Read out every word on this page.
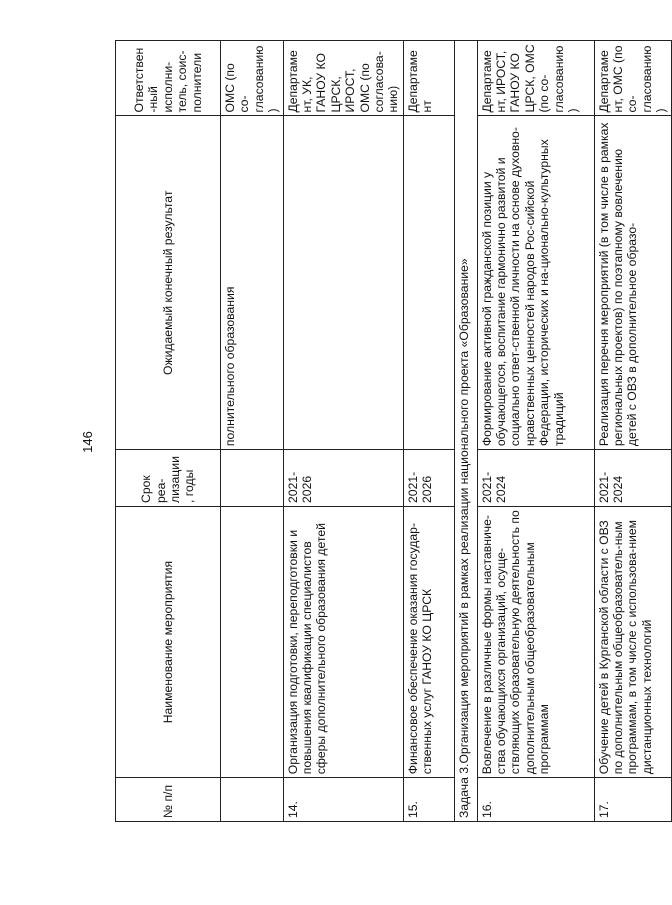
146
№ п/п	Наименование мероприятия	Срок реа-лизации, годы	Ожидаемый конечный результат	Ответствен-ный исполни-тель, соис-полнители
			полнительного образования	ОМС (по со-гласованию)
14.	Организация подготовки, переподготовки и повышения квалификации специалистов сферы дополнительного образования детей	2021-2026		Департамент, УК, ГАНОУ КО ЦРСК, ИРОСТ, ОМС (по согласова-нию)
15.	Финансовое обеспечение оказания государ-ственных услуг ГАНОУ КО ЦРСК	2021-2026		Департамент
Задача 3.Организация мероприятий в рамках реализации национального проекта «Образование»				
16.	Вовлечение в различные формы наставниче-ства обучающихся организаций, осуще-ствляющих образовательную деятельность по дополнительным общеобразовательным программам	2021-2024	Формирование активной гражданской позиции у обучающегося, воспитание гармонично развитой и социально ответ-ственной личности на основе духовно-нравственных ценностей народов Рос-сийской Федерации, исторических и на-ционально-культурных традиций	Департамент, ИРОСТ, ГАНОУ КО ЦРСК, ОМС (по со-гласованию)
17.	Обучение детей в Курганской области с ОВЗ по дополнительным общеобразователь-ным программам, в том числе с использова-нием дистанционных технологий	2021-2024	Реализация перечня мероприятий (в том числе в рамках региональных проектов) по поэтапному вовлечению детей с ОВЗ в дополнительное образо-	Департамент, ОМС (по со-гласованию)
